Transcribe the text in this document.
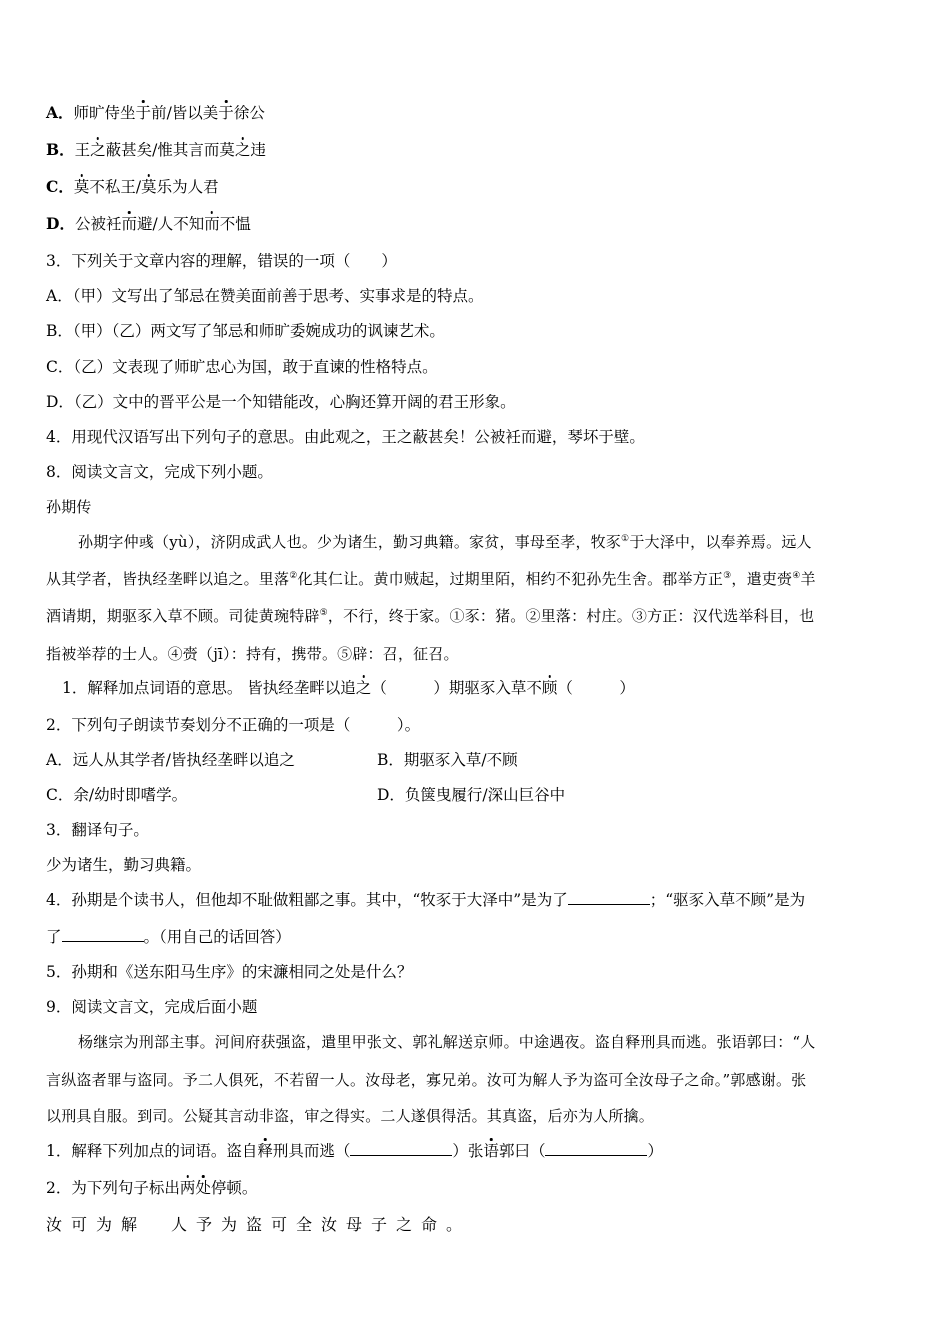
A．师旷侍坐于前/皆以美于徐公
B．王之蔽甚矣/惟其言而莫之违
C．莫不私王/莫乐为人君
D．公被衽而避/人不知而不愠
3．下列关于文章内容的理解，错误的一项（　　）
A．（甲）文写出了邹忌在赞美面前善于思考、实事求是的特点。
B．（甲）（乙）两文写了邹忌和师旷委婉成功的讽谏艺术。
C．（乙）文表现了师旷忠心为国，敢于直谏的性格特点。
D．（乙）文中的晋平公是一个知错能改，心胸还算开阔的君王形象。
4．用现代汉语写出下列句子的意思。由此观之，王之蔽甚矣！公被衽而避，琴坏于壁。
8．阅读文言文，完成下列小题。
孙期传
孙期字仲彧（yù），济阴成武人也。少为诸生，勤习典籍。家贫，事母至孝，牧豕①于大泽中，以奉养焉。远人
从其学者，皆执经垄畔以追之。里落②化其仁让。黄巾贼起，过期里陌，相约不犯孙先生舍。郡举方正③，遣吏赍④羊
酒请期，期驱豕入草不顾。司徒黄琬特辟⑤，不行，终于家。①豕：猪。②里落：村庄。③方正：汉代选举科目，也
指被举荐的士人。④赍（jī）：持有，携带。⑤辟：召，征召。
1．解释加点词语的意思。 皆执经垄畔以追之（　　　）期驱豕入草不顾（　　　）
2．下列句子朗读节奏划分不正确的一项是（　　　）。
A．远人从其学者/皆执经垄畔以追之	B．期驱豕入草/不顾
C．余/幼时即嗜学。	D．负箧曳履行/深山巨谷中
3．翻译句子。
少为诸生，勤习典籍。
4．孙期是个读书人，但他却不耻做粗鄙之事。其中，“牧豕于大泽中”是为了	；“驱豕入草不顾”是为
了	。（用自己的话回答）
5．孙期和《送东阳马生序》的宋濂相同之处是什么？
9．阅读文言文，完成后面小题
杨继宗为刑部主事。河间府获强盗，遣里甲张文、郭礼解送京师。中途遇夜。盗自释刑具而逃。张语郭曰：“人
言纵盗者罪与盗同。予二人俱死，不若留一人。汝母老，寡兄弟。汝可为解人予为盗可全汝母子之命。”郭感谢。张
以刑具自服。到司。公疑其言动非盗，审之得实。二人遂俱得活。其真盗，后亦为人所擒。
1．解释下列加点的词语。盗自释刑具而逃（	）张语郭曰（	）
2．为下列句子标出两处停顿。
汝可为解　人予为盗可全汝母子之命。
